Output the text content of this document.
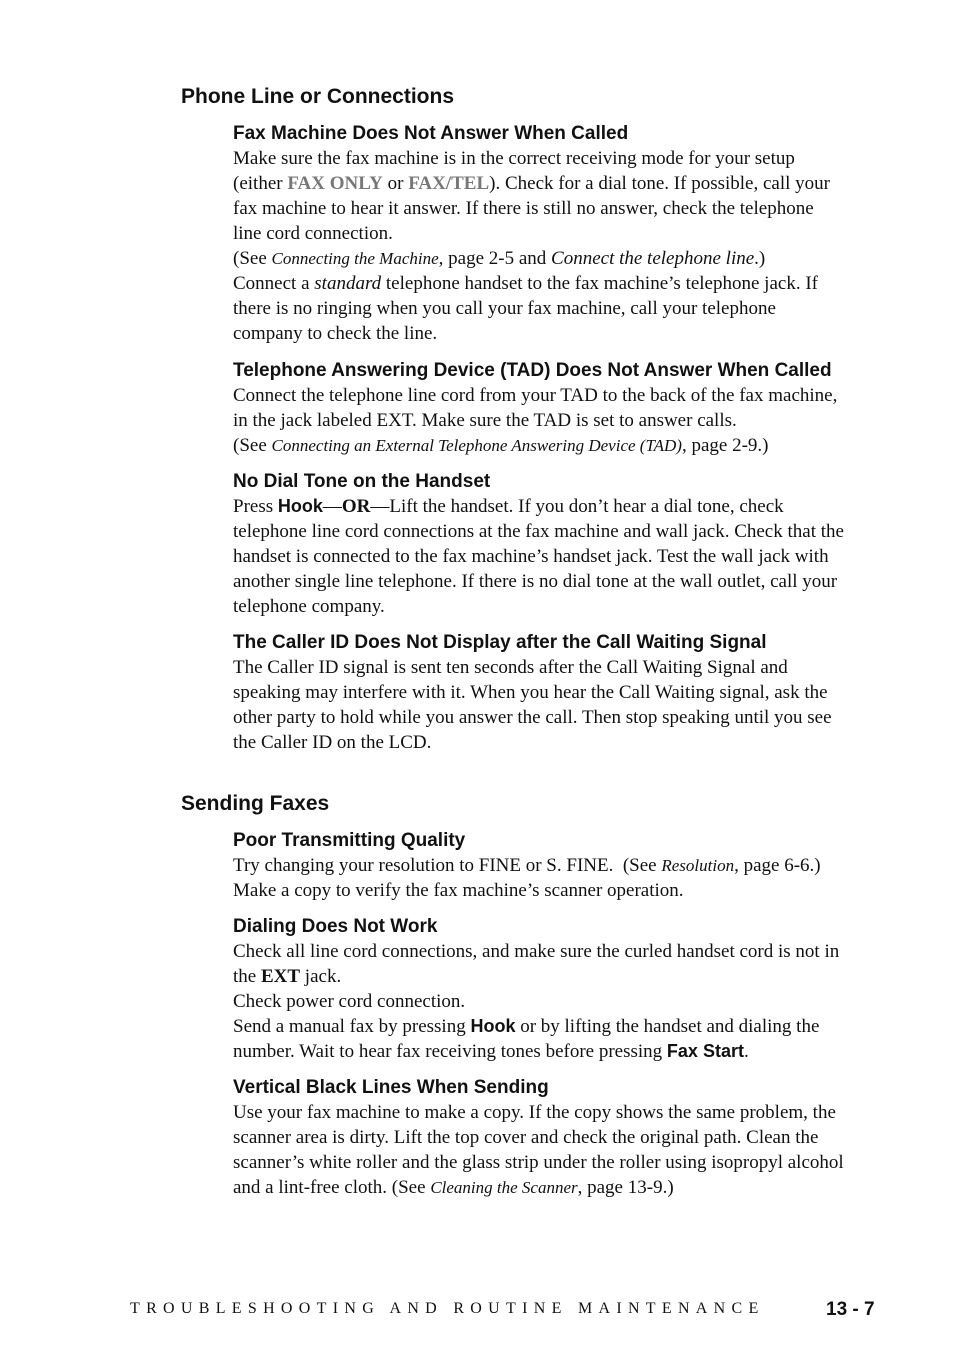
Phone Line or Connections
Fax Machine Does Not Answer When Called
Make sure the fax machine is in the correct receiving mode for your setup
(either FAX ONLY or FAX/TEL). Check for a dial tone. If possible, call your
fax machine to hear it answer. If there is still no answer, check the telephone
line cord connection.
(See Connecting the Machine, page 2-5 and Connect the telephone line.)
Connect a standard telephone handset to the fax machine’s telephone jack. If
there is no ringing when you call your fax machine, call your telephone
company to check the line.
Telephone Answering Device (TAD) Does Not Answer When Called
Connect the telephone line cord from your TAD to the back of the fax machine,
in the jack labeled EXT. Make sure the TAD is set to answer calls.
(See Connecting an External Telephone Answering Device (TAD), page 2-9.)
No Dial Tone on the Handset
Press Hook—OR—Lift the handset. If you don’t hear a dial tone, check
telephone line cord connections at the fax machine and wall jack. Check that the
handset is connected to the fax machine’s handset jack. Test the wall jack with
another single line telephone. If there is no dial tone at the wall outlet, call your
telephone company.
The Caller ID Does Not Display after the Call Waiting Signal
The Caller ID signal is sent ten seconds after the Call Waiting Signal and
speaking may interfere with it. When you hear the Call Waiting signal, ask the
other party to hold while you answer the call. Then stop speaking until you see
the Caller ID on the LCD.
Sending Faxes
Poor Transmitting Quality
Try changing your resolution to FINE or S. FINE.  (See Resolution, page 6-6.)
Make a copy to verify the fax machine’s scanner operation.
Dialing Does Not Work
Check all line cord connections, and make sure the curled handset cord is not in
the EXT jack.
Check power cord connection.
Send a manual fax by pressing Hook or by lifting the handset and dialing the
number. Wait to hear fax receiving tones before pressing Fax Start.
Vertical Black Lines When Sending
Use your fax machine to make a copy. If the copy shows the same problem, the
scanner area is dirty. Lift the top cover and check the original path. Clean the
scanner’s white roller and the glass strip under the roller using isopropyl alcohol
and a lint-free cloth. (See Cleaning the Scanner, page 13-9.)
TROUBLESHOOTING AND ROUTINE MAINTENANCE	13 - 7
